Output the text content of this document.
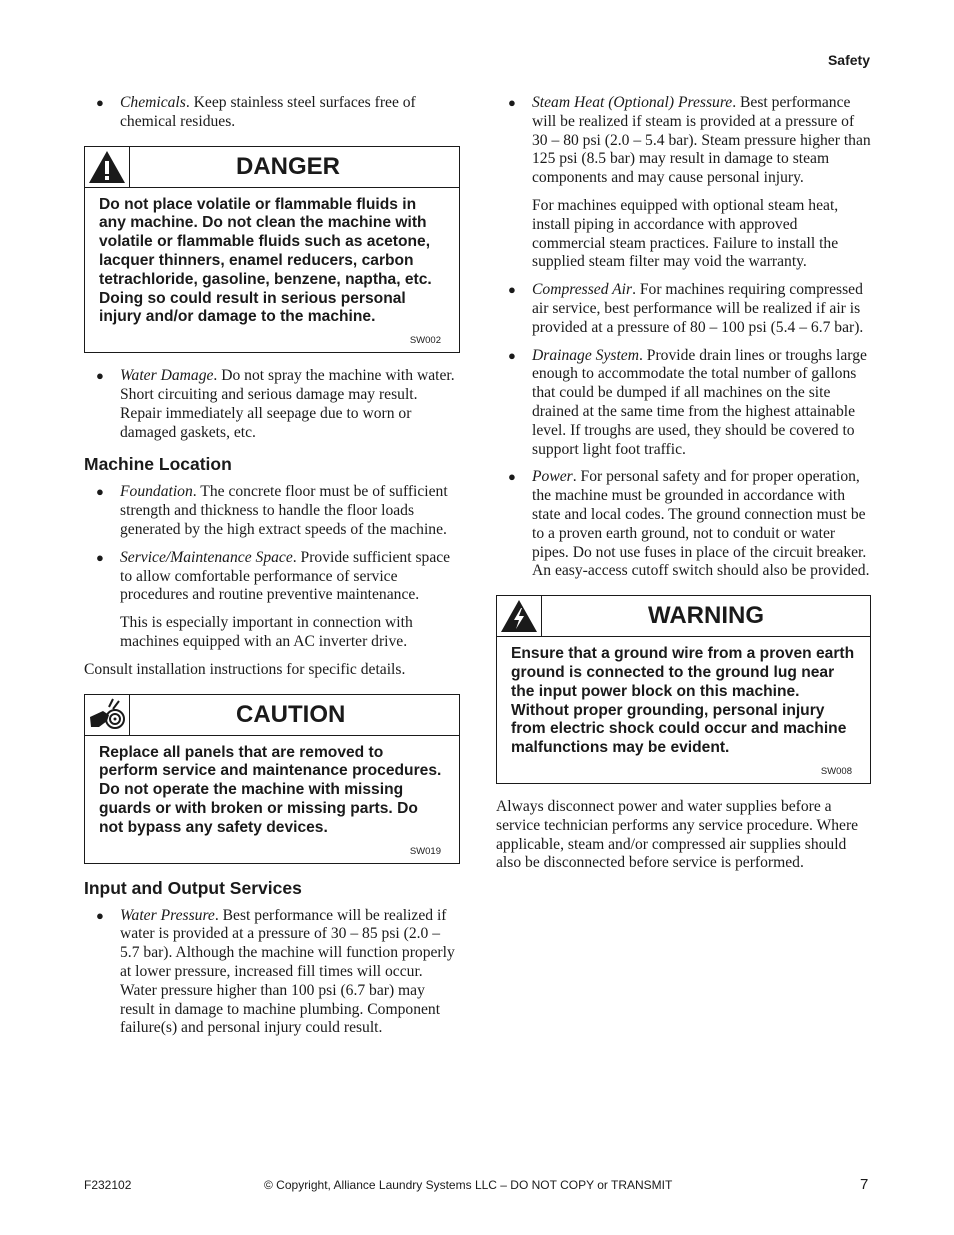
Safety
● Chemicals. Keep stainless steel surfaces free of chemical residues.
DANGER
Do not place volatile or flammable fluids in any machine. Do not clean the machine with volatile or flammable fluids such as acetone, lacquer thinners, enamel reducers, carbon tetrachloride, gasoline, benzene, naptha, etc. Doing so could result in serious personal injury and/or damage to the machine.
SW002
● Water Damage. Do not spray the machine with water. Short circuiting and serious damage may result. Repair immediately all seepage due to worn or damaged gaskets, etc.
Machine Location
● Foundation. The concrete floor must be of sufficient strength and thickness to handle the floor loads generated by the high extract speeds of the machine.
● Service/Maintenance Space. Provide sufficient space to allow comfortable performance of service procedures and routine preventive maintenance.
This is especially important in connection with machines equipped with an AC inverter drive.
Consult installation instructions for specific details.
CAUTION
Replace all panels that are removed to perform service and maintenance procedures. Do not operate the machine with missing guards or with broken or missing parts. Do not bypass any safety devices.
SW019
Input and Output Services
● Water Pressure. Best performance will be realized if water is provided at a pressure of 30 – 85 psi (2.0 – 5.7 bar). Although the machine will function properly at lower pressure, increased fill times will occur. Water pressure higher than 100 psi (6.7 bar) may result in damage to machine plumbing. Component failure(s) and personal injury could result.
● Steam Heat (Optional) Pressure. Best performance will be realized if steam is provided at a pressure of 30 – 80 psi (2.0 – 5.4 bar). Steam pressure higher than 125 psi (8.5 bar) may result in damage to steam components and may cause personal injury.
For machines equipped with optional steam heat, install piping in accordance with approved commercial steam practices. Failure to install the supplied steam filter may void the warranty.
● Compressed Air. For machines requiring compressed air service, best performance will be realized if air is provided at a pressure of 80 – 100 psi (5.4 – 6.7 bar).
● Drainage System. Provide drain lines or troughs large enough to accommodate the total number of gallons that could be dumped if all machines on the site drained at the same time from the highest attainable level. If troughs are used, they should be covered to support light foot traffic.
● Power. For personal safety and for proper operation, the machine must be grounded in accordance with state and local codes. The ground connection must be to a proven earth ground, not to conduit or water pipes. Do not use fuses in place of the circuit breaker. An easy-access cutoff switch should also be provided.
WARNING
Ensure that a ground wire from a proven earth ground is connected to the ground lug near the input power block on this machine. Without proper grounding, personal injury from electric shock could occur and machine malfunctions may be evident.
SW008
Always disconnect power and water supplies before a service technician performs any service procedure. Where applicable, steam and/or compressed air supplies should also be disconnected before service is performed.
F232102	© Copyright, Alliance Laundry Systems LLC – DO NOT COPY or TRANSMIT	7
